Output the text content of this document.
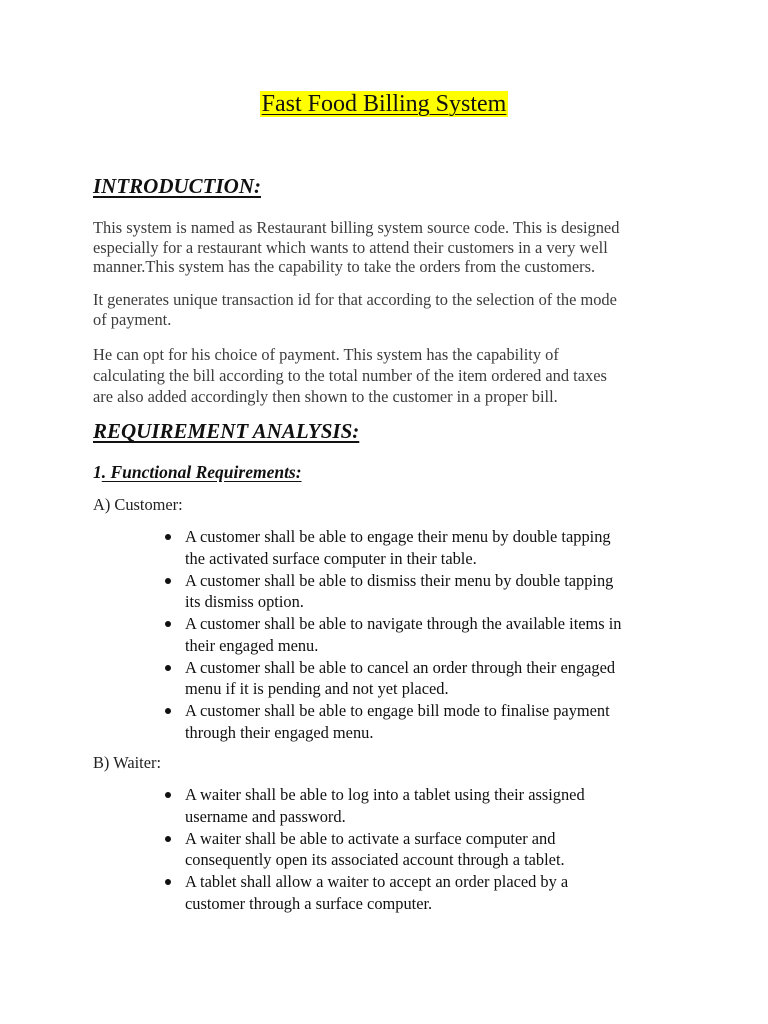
Fast Food Billing System
INTRODUCTION:
This system is named as Restaurant billing system source code. This is designed
especially for a restaurant which wants to attend their customers in a very well
manner.This system has the capability to take the orders from the customers.
It generates unique transaction id for that according to the selection of the mode
of payment.
He can opt for his choice of payment. This system has the capability of
calculating the bill according to the total number of the item ordered and taxes
are also added accordingly then shown to the customer in a proper bill.
REQUIREMENT ANALYSIS:
1. Functional Requirements:
A) Customer:
A customer shall be able to engage their menu by double tapping
the activated surface computer in their table.
A customer shall be able to dismiss their menu by double tapping
its dismiss option.
A customer shall be able to navigate through the available items in
their engaged menu.
A customer shall be able to cancel an order through their engaged
menu if it is pending and not yet placed.
A customer shall be able to engage bill mode to finalise payment
through their engaged menu.
B) Waiter:
A waiter shall be able to log into a tablet using their assigned
username and password.
A waiter shall be able to activate a surface computer and
consequently open its associated account through a tablet.
A tablet shall allow a waiter to accept an order placed by a
customer through a surface computer.
